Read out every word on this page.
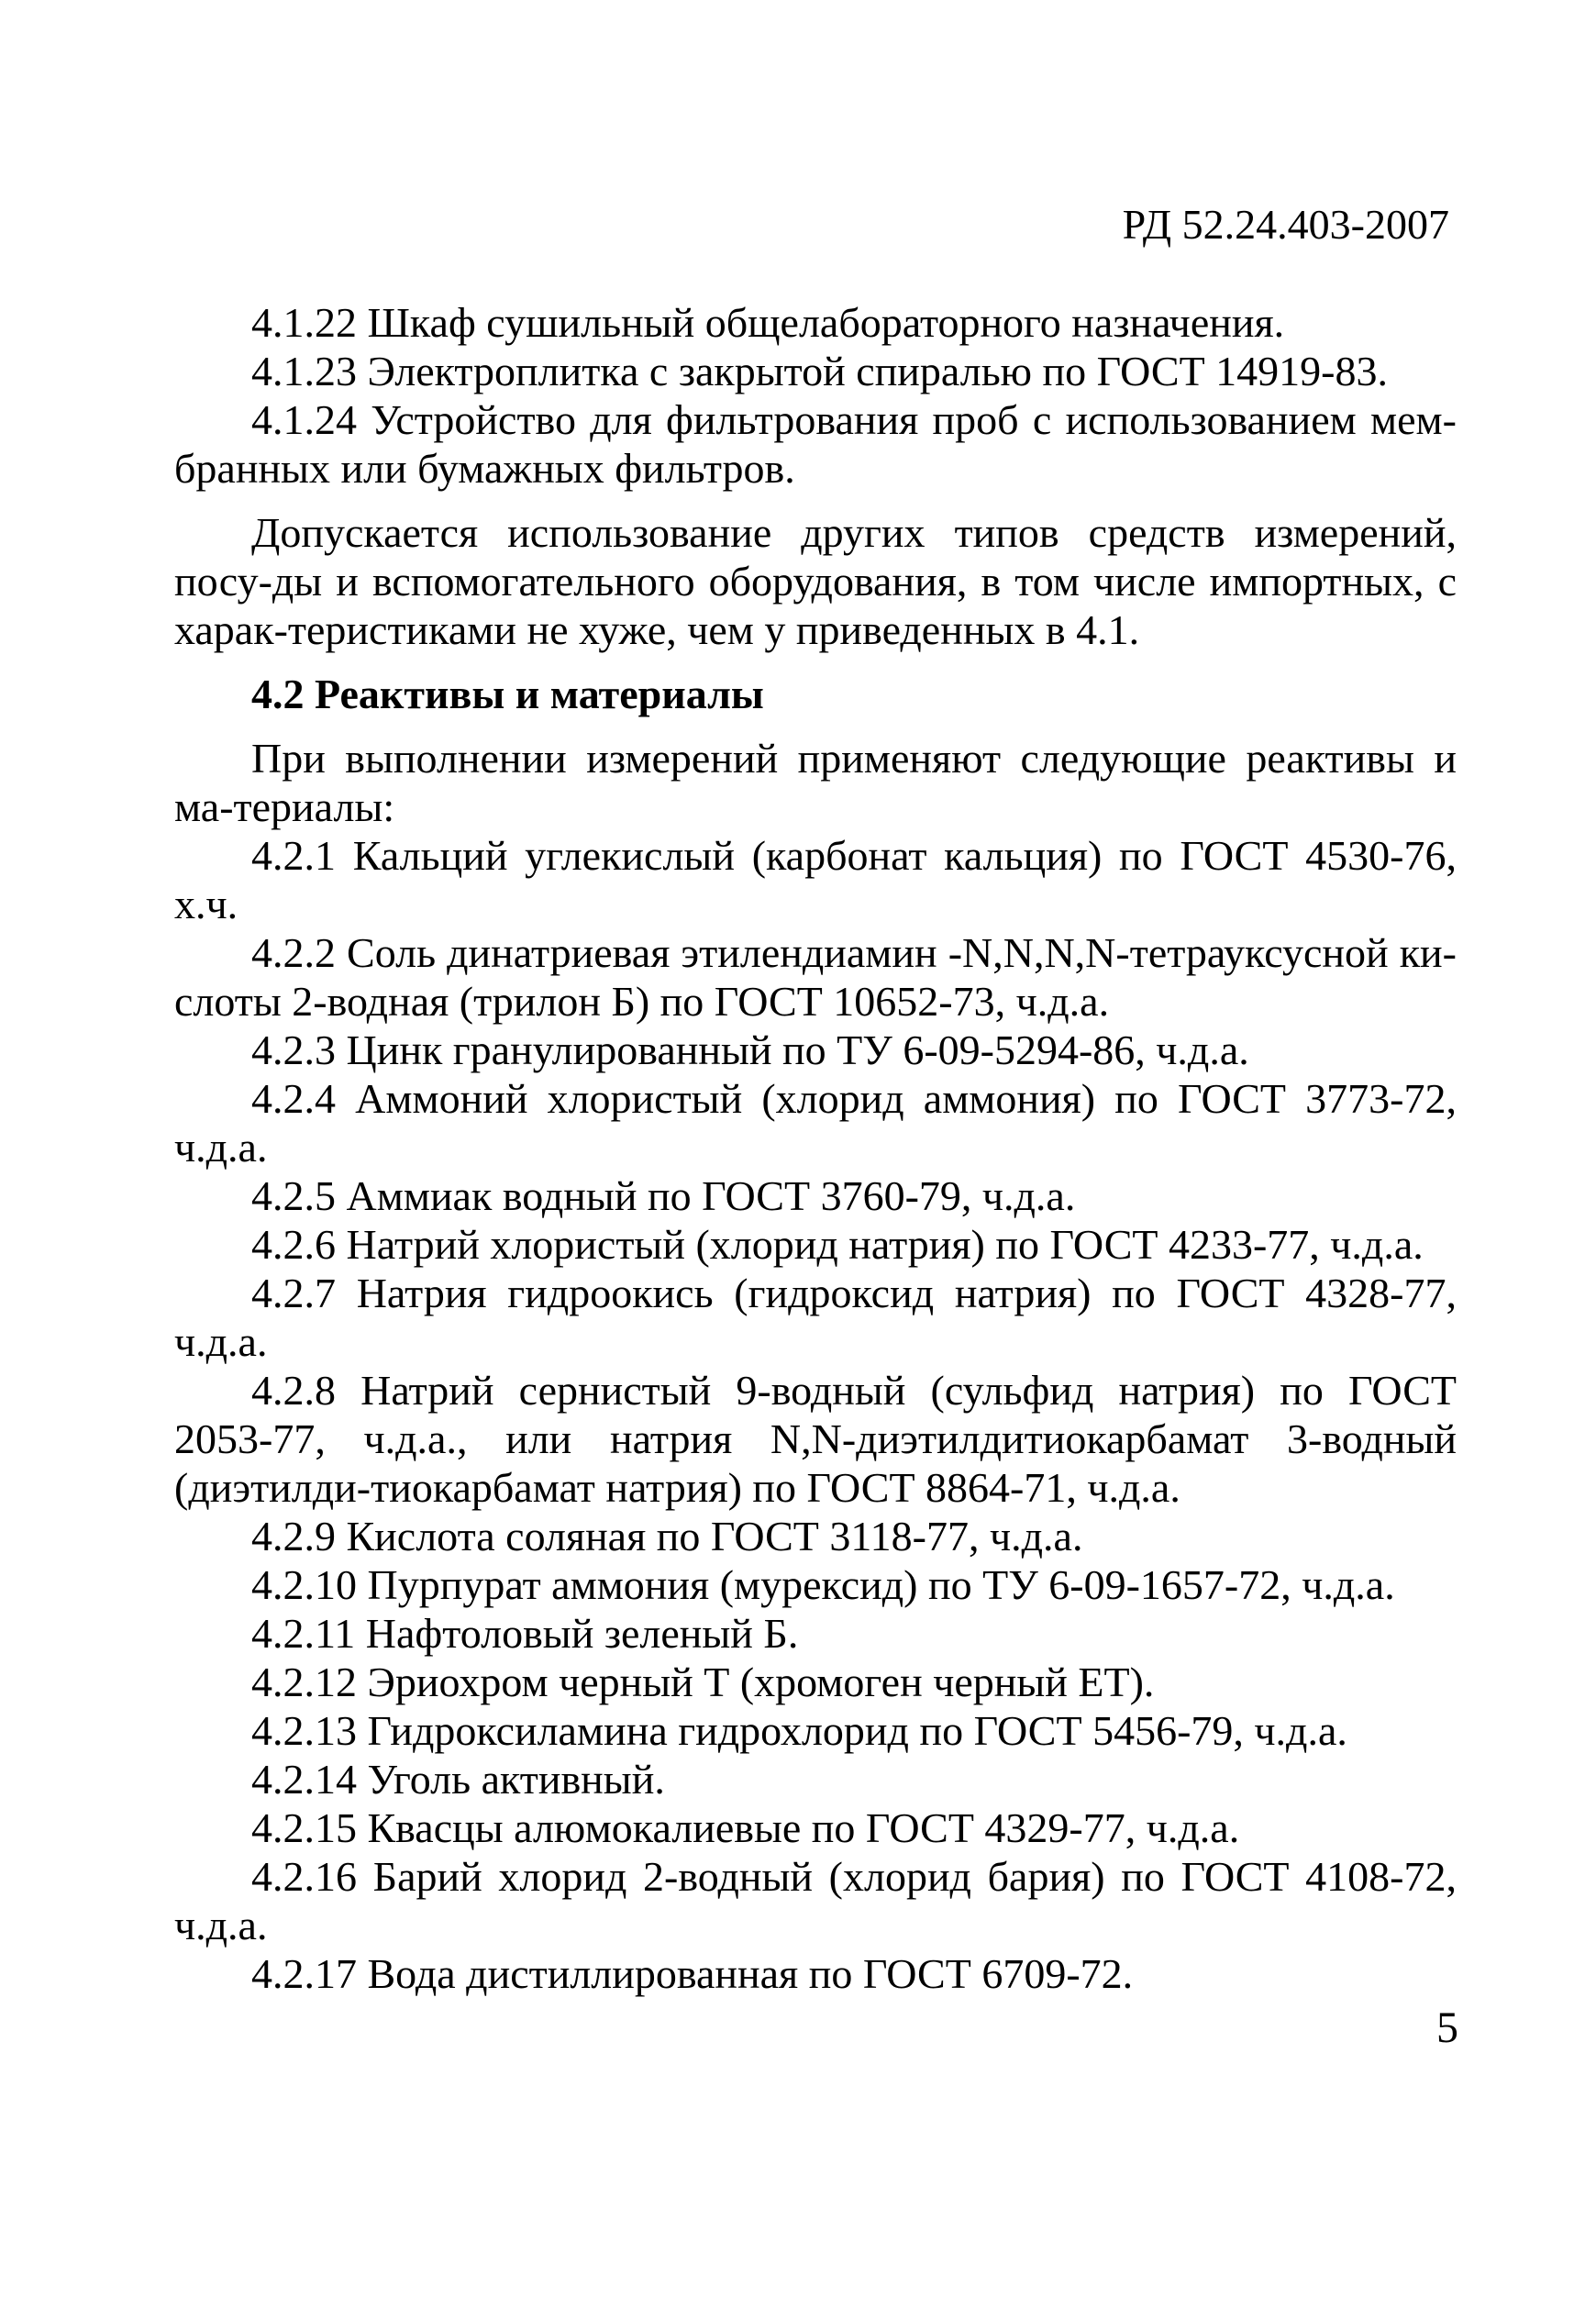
РД 52.24.403-2007

4.1.22 Шкаф сушильный общелабораторного назначения.

4.1.23 Электроплитка с закрытой спиралью по ГОСТ 14919-83.

4.1.24 Устройство для фильтрования проб с использованием мем-бранных или бумажных фильтров.

Допускается использование других типов средств измерений, посу-ды и вспомогательного оборудования, в том числе импортных, с харак-теристиками не хуже, чем у приведенных в 4.1.

4.2 Реактивы и материалы

При выполнении измерений применяют следующие реактивы и ма-териалы:

4.2.1 Кальций углекислый (карбонат кальция) по ГОСТ 4530-76, х.ч.

4.2.2 Соль динатриевая этилендиамин -N,N,N,N-тетрауксусной ки-слоты 2-водная (трилон Б) по ГОСТ 10652-73, ч.д.а.

4.2.3 Цинк гранулированный по ТУ 6-09-5294-86, ч.д.а.

4.2.4 Аммоний хлористый (хлорид аммония) по ГОСТ 3773-72, ч.д.а.

4.2.5 Аммиак водный по ГОСТ 3760-79, ч.д.а.

4.2.6 Натрий хлористый (хлорид натрия) по ГОСТ 4233-77, ч.д.а.

4.2.7 Натрия гидроокись (гидроксид натрия) по ГОСТ 4328-77, ч.д.а.

4.2.8 Натрий сернистый 9-водный (сульфид натрия) по ГОСТ 2053-77, ч.д.а., или натрия N,N-диэтилдитиокарбамат 3-водный (диэтилди-тиокарбамат натрия) по ГОСТ 8864-71, ч.д.а.

4.2.9 Кислота соляная по ГОСТ 3118-77, ч.д.а.

4.2.10 Пурпурат аммония (мурексид) по ТУ 6-09-1657-72, ч.д.а.

4.2.11 Нафтоловый зеленый Б.

4.2.12 Эриохром черный Т (хромоген черный ЕТ).

4.2.13 Гидроксиламина гидрохлорид по ГОСТ 5456-79, ч.д.а.

4.2.14 Уголь активный.

4.2.15 Квасцы алюмокалиевые по ГОСТ 4329-77, ч.д.а.

4.2.16 Барий хлорид 2-водный (хлорид бария) по ГОСТ 4108-72, ч.д.а.

4.2.17 Вода дистиллированная по ГОСТ 6709-72.

5
